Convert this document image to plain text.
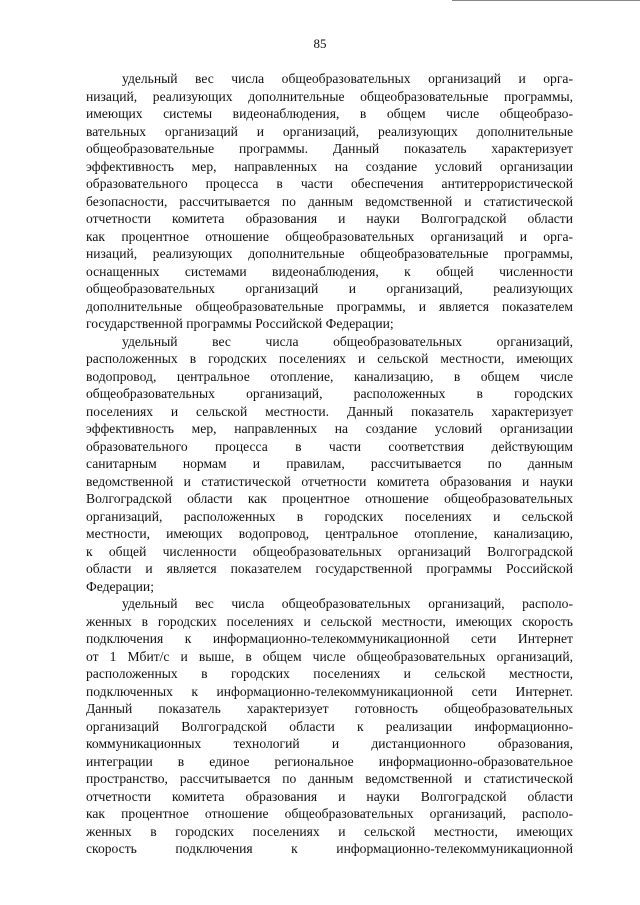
85
удельный вес числа общеобразовательных организаций и орга-
низаций, реализующих дополнительные общеобразовательные программы,
имеющих системы видеонаблюдения, в общем числе общеобразо-
вательных организаций и организаций, реализующих дополнительные
общеобразовательные программы. Данный показатель характеризует
эффективность мер, направленных на создание условий организации
образовательного процесса в части обеспечения антитеррористической
безопасности, рассчитывается по данным ведомственной и статистической
отчетности комитета образования и науки Волгоградской области
как процентное отношение общеобразовательных организаций и орга-
низаций, реализующих дополнительные общеобразовательные программы,
оснащенных системами видеонаблюдения, к общей численности
общеобразовательных организаций и организаций, реализующих
дополнительные общеобразовательные программы, и является показателем
государственной программы Российской Федерации;
удельный вес числа общеобразовательных организаций,
расположенных в городских поселениях и сельской местности, имеющих
водопровод, центральное отопление, канализацию, в общем числе
общеобразовательных организаций, расположенных в городских
поселениях и сельской местности. Данный показатель характеризует
эффективность мер, направленных на создание условий организации
образовательного процесса в части соответствия действующим
санитарным нормам и правилам, рассчитывается по данным
ведомственной и статистической отчетности комитета образования и науки
Волгоградской области как процентное отношение общеобразовательных
организаций, расположенных в городских поселениях и сельской
местности, имеющих водопровод, центральное отопление, канализацию,
к общей численности общеобразовательных организаций Волгоградской
области и является показателем государственной программы Российской
Федерации;
удельный вес числа общеобразовательных организаций, располо-
женных в городских поселениях и сельской местности, имеющих скорость
подключения к информационно-телекоммуникационной сети Интернет
от 1 Мбит/с и выше, в общем числе общеобразовательных организаций,
расположенных в городских поселениях и сельской местности,
подключенных к информационно-телекоммуникационной сети Интернет.
Данный показатель характеризует готовность общеобразовательных
организаций Волгоградской области к реализации информационно-
коммуникационных технологий и дистанционного образования,
интеграции в единое региональное информационно-образовательное
пространство, рассчитывается по данным ведомственной и статистической
отчетности комитета образования и науки Волгоградской области
как процентное отношение общеобразовательных организаций, располо-
женных в городских поселениях и сельской местности, имеющих
скорость подключения к информационно-телекоммуникационной
